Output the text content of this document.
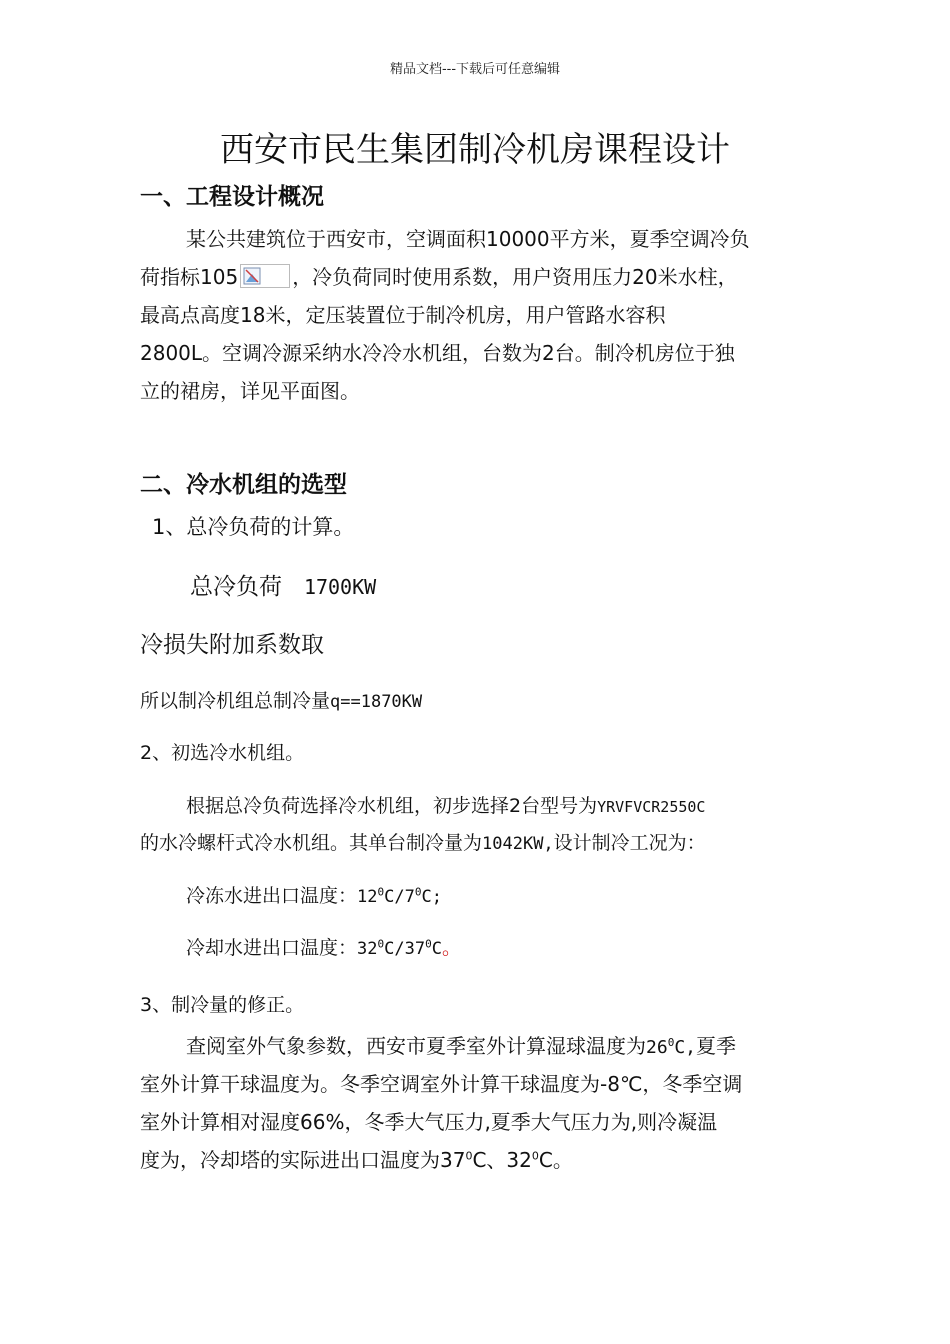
精品文档---下载后可任意编辑
西安市民生集团制冷机房课程设计
一、工程设计概况
某公共建筑位于西安市，空调面积10000平方米，夏季空调冷负
荷指标105	，冷负荷同时使用系数，用户资用压力20米水柱，
最高点高度18米，定压装置位于制冷机房，用户管路水容积
2800L。空调冷源采纳水冷冷水机组，台数为2台。制冷机房位于独
立的裙房，详见平面图。
二、冷水机组的选型
1、总冷负荷的计算。
总冷负荷 1700KW
冷损失附加系数取
所以制冷机组总制冷量q==1870KW
2、初选冷水机组。
根据总冷负荷选择冷水机组，初步选择2台型号为YRVFVCR2550C
的水冷螺杆式冷水机组。其单台制冷量为1042KW,设计制冷工况为：
冷冻水进出口温度：$12^0C/7^0C$;
冷却水进出口温度：$32^0C/37^0C$。
3、制冷量的修正。
查阅室外气象参数，西安市夏季室外计算湿球温度为$26^0C$,夏季
室外计算干球温度为。冬季空调室外计算干球温度为-8℃，冬季空调
室外计算相对湿度66%，冬季大气压力,夏季大气压力为,则冷凝温
度为，冷却塔的实际进出口温度为$37^0C$、$32^0C$。
